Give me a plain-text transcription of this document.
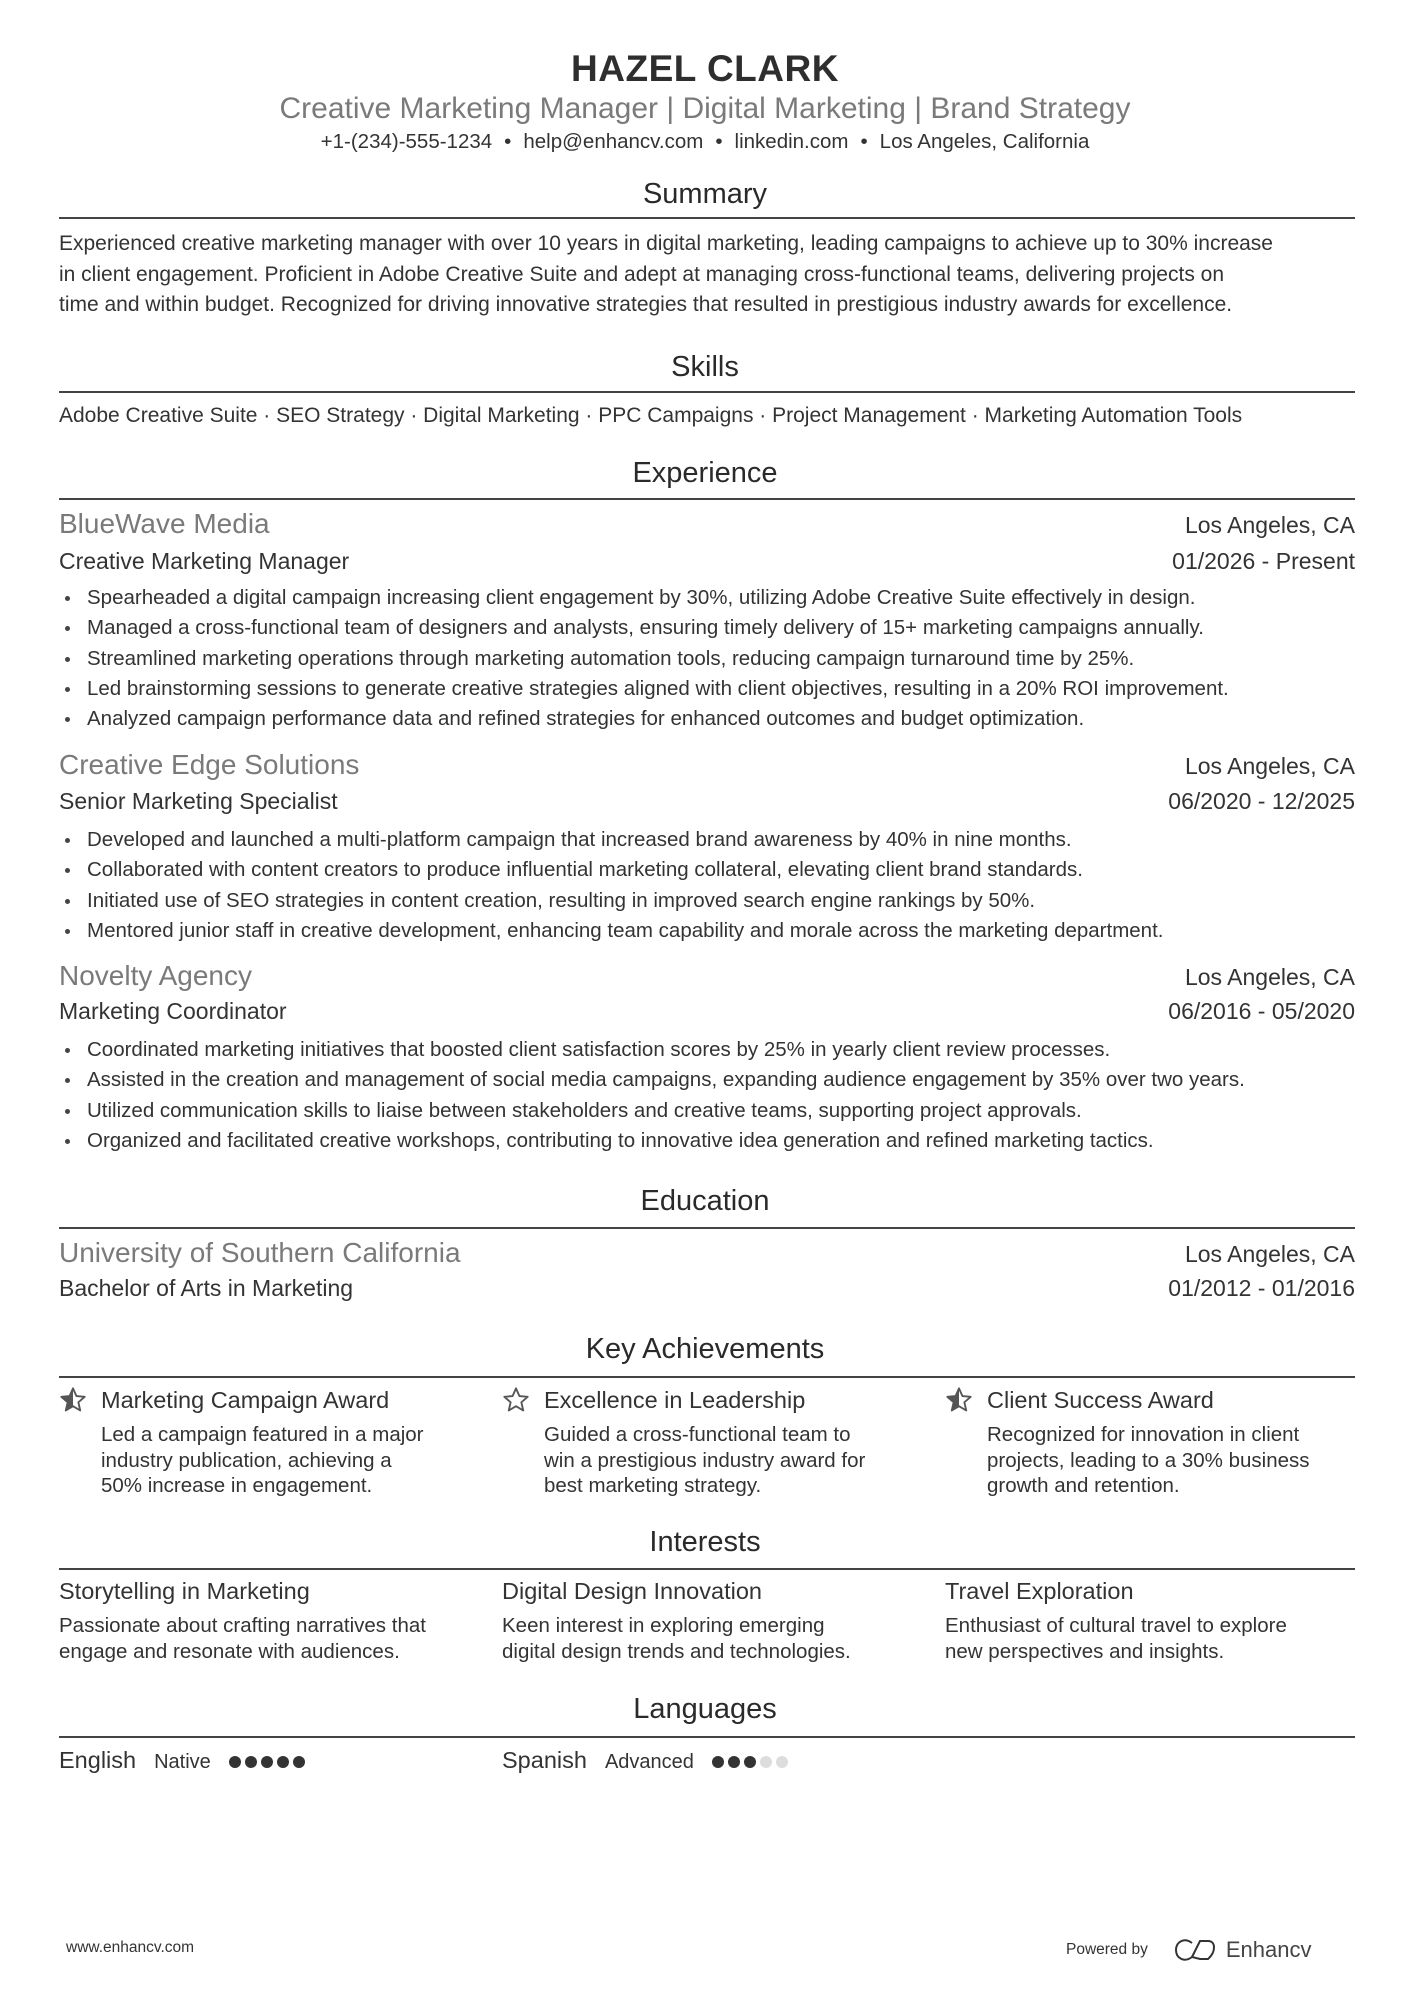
HAZEL CLARK
Creative Marketing Manager | Digital Marketing | Brand Strategy
+1-(234)-555-1234 • help@enhancv.com • linkedin.com • Los Angeles, California
Summary
Experienced creative marketing manager with over 10 years in digital marketing, leading campaigns to achieve up to 30% increase
in client engagement. Proficient in Adobe Creative Suite and adept at managing cross-functional teams, delivering projects on
time and within budget. Recognized for driving innovative strategies that resulted in prestigious industry awards for excellence.
Skills
Adobe Creative Suite · SEO Strategy · Digital Marketing · PPC Campaigns · Project Management · Marketing Automation Tools
Experience
BlueWave Media	Los Angeles, CA
Creative Marketing Manager	01/2026 - Present
Spearheaded a digital campaign increasing client engagement by 30%, utilizing Adobe Creative Suite effectively in design.
Managed a cross-functional team of designers and analysts, ensuring timely delivery of 15+ marketing campaigns annually.
Streamlined marketing operations through marketing automation tools, reducing campaign turnaround time by 25%.
Led brainstorming sessions to generate creative strategies aligned with client objectives, resulting in a 20% ROI improvement.
Analyzed campaign performance data and refined strategies for enhanced outcomes and budget optimization.
Creative Edge Solutions	Los Angeles, CA
Senior Marketing Specialist	06/2020 - 12/2025
Developed and launched a multi-platform campaign that increased brand awareness by 40% in nine months.
Collaborated with content creators to produce influential marketing collateral, elevating client brand standards.
Initiated use of SEO strategies in content creation, resulting in improved search engine rankings by 50%.
Mentored junior staff in creative development, enhancing team capability and morale across the marketing department.
Novelty Agency	Los Angeles, CA
Marketing Coordinator	06/2016 - 05/2020
Coordinated marketing initiatives that boosted client satisfaction scores by 25% in yearly client review processes.
Assisted in the creation and management of social media campaigns, expanding audience engagement by 35% over two years.
Utilized communication skills to liaise between stakeholders and creative teams, supporting project approvals.
Organized and facilitated creative workshops, contributing to innovative idea generation and refined marketing tactics.
Education
University of Southern California	Los Angeles, CA
Bachelor of Arts in Marketing	01/2012 - 01/2016
Key Achievements
Marketing Campaign Award
Led a campaign featured in a major
industry publication, achieving a
50% increase in engagement.
Excellence in Leadership
Guided a cross-functional team to
win a prestigious industry award for
best marketing strategy.
Client Success Award
Recognized for innovation in client
projects, leading to a 30% business
growth and retention.
Interests
Storytelling in Marketing
Passionate about crafting narratives that
engage and resonate with audiences.
Digital Design Innovation
Keen interest in exploring emerging
digital design trends and technologies.
Travel Exploration
Enthusiast of cultural travel to explore
new perspectives and insights.
Languages
English Native	Spanish Advanced
www.enhancv.com	Powered by	Enhancv
